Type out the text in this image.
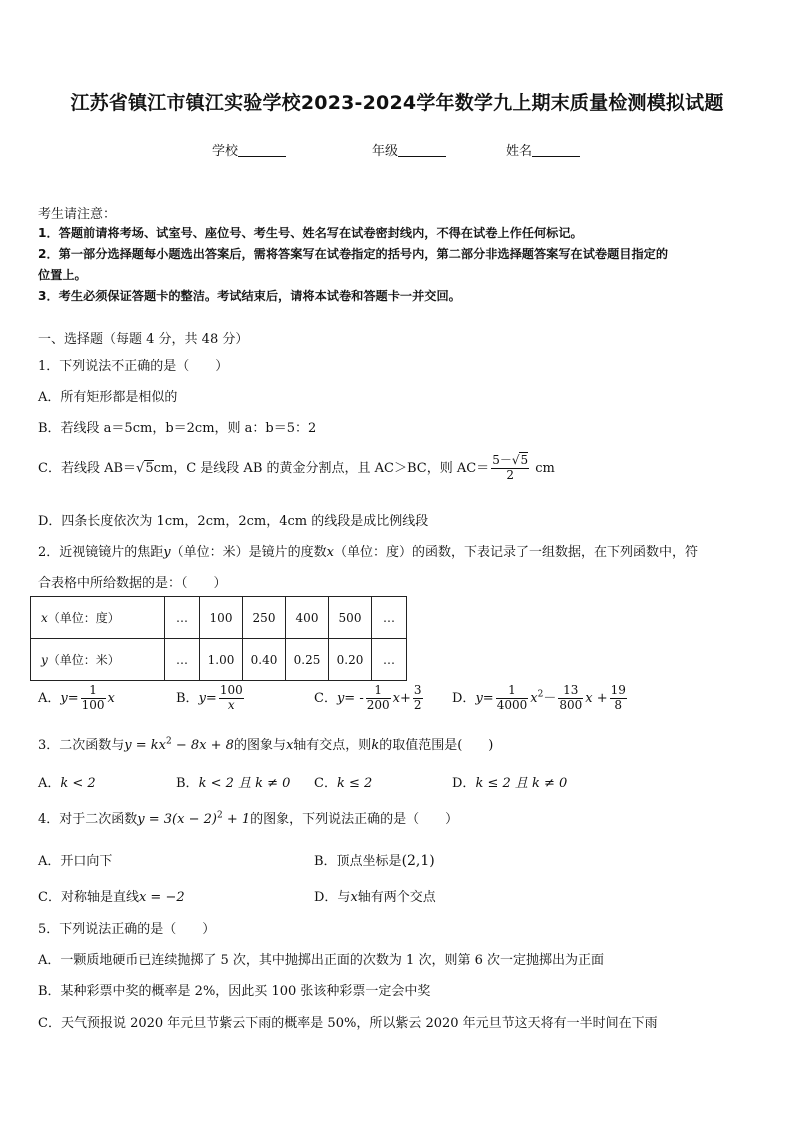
江苏省镇江市镇江实验学校2023-2024学年数学九上期末质量检测模拟试题
学校	年级	姓名
考生请注意：
1．答题前请将考场、试室号、座位号、考生号、姓名写在试卷密封线内，不得在试卷上作任何标记。
2．第一部分选择题每小题选出答案后，需将答案写在试卷指定的括号内，第二部分非选择题答案写在试卷题目指定的
位置上。
3．考生必须保证答题卡的整洁。考试结束后，请将本试卷和答题卡一并交回。
一、选择题（每题 4 分，共 48 分）
1．下列说法不正确的是（　　）
A．所有矩形都是相似的
B．若线段 a＝5cm，b＝2cm，则 a：b＝5：2
C．若线段 AB＝√5cm，C 是线段 AB 的黄金分割点，且 AC＞BC，则 $AC= \frac{5-√5}{2}$ cm
D．四条长度依次为 1cm，2cm，2cm，4cm 的线段是成比例线段
2．近视镜镜片的焦距y（单位：米）是镜片的度数x（单位：度）的函数，下表记录了一组数据，在下列函数中，符
合表格中所给数据的是：（　　）
x（单位：度）	…	100	250	400	500	…
y（单位：米）	…	1.00	0.40	0.25	0.20	…
A．$y= \frac{1}{100}$ x	B．$y= \frac{100}{x}$	C．$y= - \frac{1}{200} x+ \frac{3}{2}$ D．$y= \frac{1}{4000} x^2- \frac{13}{800}$ $x + \frac{19}{8}$
3．二次函数与$y = kx^2 - 8x + 8$的图象与x轴有交点，则k的取值范围是(　　)
A．k < 2	B．k < 2 且 k ≠ 0 C．k ≤ 2	D．k ≤ 2 且 k ≠ 0
4．对于二次函数$y = 3(x - 2)^2 + 1$的图象，下列说法正确的是（　　）
A．开口向下	B．顶点坐标是(2,1)
C．对称轴是直线x = −2	D．与x轴有两个交点
5．下列说法正确的是（　　）
A．一颗质地硬币已连续抛掷了 5 次，其中抛掷出正面的次数为 1 次，则第 6 次一定抛掷出为正面
B．某种彩票中奖的概率是 2%，因此买 100 张该种彩票一定会中奖
C．天气预报说 2020 年元旦节紫云下雨的概率是 50%，所以紫云 2020 年元旦节这天将有一半时间在下雨
